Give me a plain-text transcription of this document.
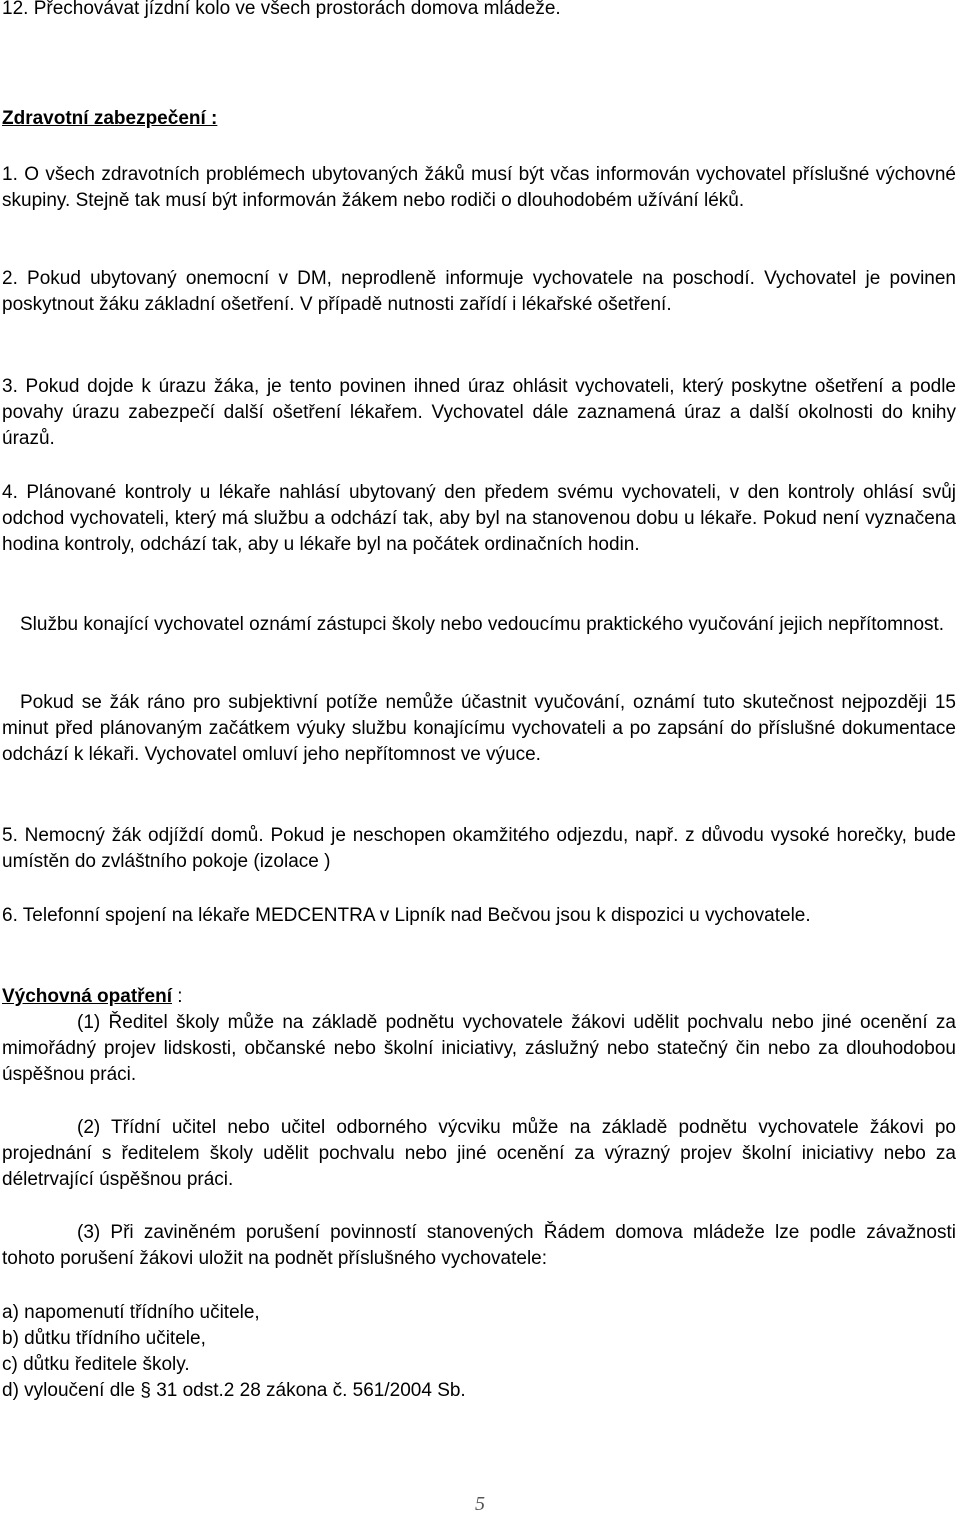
12. Přechovávat jízdní kolo ve všech prostorách domova mládeže.
Zdravotní zabezpečení :
1. O všech zdravotních problémech ubytovaných žáků musí být včas informován vychovatel příslušné výchovné skupiny. Stejně tak musí být informován žákem nebo rodiči o dlouhodobém užívání léků.
2. Pokud ubytovaný onemocní v DM, neprodleně informuje vychovatele na poschodí. Vychovatel je povinen poskytnout žáku základní ošetření. V případě nutnosti zařídí i lékařské ošetření.
3. Pokud dojde k úrazu žáka, je tento povinen ihned úraz ohlásit vychovateli, který poskytne ošetření a podle povahy úrazu zabezpečí další ošetření lékařem. Vychovatel dále zaznamená úraz a další okolnosti do knihy úrazů.
4. Plánované kontroly u lékaře nahlásí ubytovaný den předem svému vychovateli, v den kontroly ohlásí svůj odchod vychovateli, který má službu a odchází tak, aby byl na stanovenou dobu u lékaře. Pokud není vyznačena hodina kontroly, odchází tak, aby u lékaře byl na počátek ordinačních hodin.
Službu konající vychovatel oznámí zástupci školy nebo vedoucímu praktického vyučování jejich nepřítomnost.
Pokud se žák ráno pro subjektivní potíže nemůže účastnit vyučování, oznámí tuto skutečnost nejpozději 15 minut před plánovaným začátkem výuky službu konajícímu vychovateli a po zapsání do příslušné dokumentace odchází k lékaři. Vychovatel omluví jeho nepřítomnost ve výuce.
5. Nemocný žák odjíždí domů. Pokud je neschopen okamžitého odjezdu, např. z důvodu vysoké horečky, bude umístěn do zvláštního pokoje (izolace )
6. Telefonní spojení na lékaře MEDCENTRA v Lipník nad Bečvou jsou k dispozici u vychovatele.
Výchovná opatření :
(1) Ředitel školy může na základě podnětu vychovatele žákovi udělit pochvalu nebo jiné ocenění za mimořádný projev lidskosti, občanské nebo školní iniciativy, záslužný nebo statečný čin nebo za dlouhodobou úspěšnou práci.
(2) Třídní učitel nebo učitel odborného výcviku může na základě podnětu vychovatele žákovi po projednání s ředitelem školy udělit pochvalu nebo jiné ocenění za výrazný projev školní iniciativy nebo za déletrvající úspěšnou práci.
(3) Při zaviněném porušení povinností stanovených Řádem domova mládeže lze podle závažnosti tohoto porušení žákovi uložit na podnět příslušného vychovatele:
a) napomenutí třídního učitele,
b) důtku třídního učitele,
c) důtku ředitele školy.
d) vyloučení dle § 31 odst.2 28 zákona č. 561/2004 Sb.
5
